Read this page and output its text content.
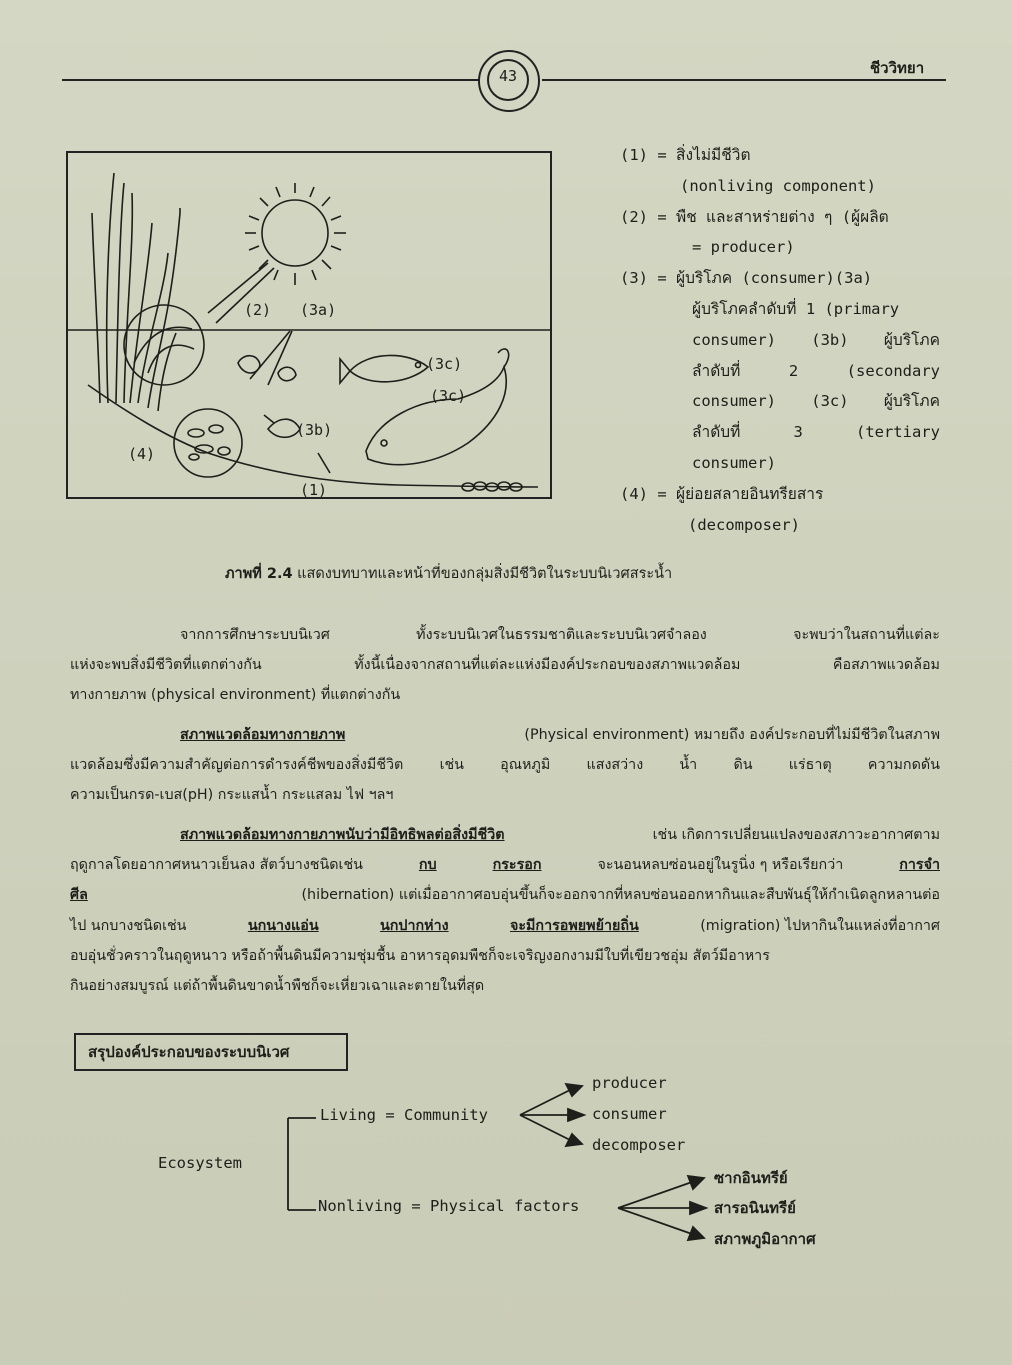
43	ชีววิทยา
(2) (3a)
(3c)
(3c)
(3b)
(4)
(1)
(1) = สิ่งไม่มีชีวิต
(nonliving component)
(2) = พืช และสาหร่ายต่าง ๆ (ผู้ผลิต
= producer)
(3) = ผู้บริโภค (consumer)(3a)
ผู้บริโภคลำดับที่ 1 (primary
consumer) (3b) ผู้บริโภค
ลำดับที่	2	(secondary
consumer) (3c) ผู้บริโภค
ลำดับที่	3	(tertiary
consumer)
(4) = ผู้ย่อยสลายอินทรียสาร
(decomposer)
ภาพที่ 2.4 แสดงบทบาทและหน้าที่ของกลุ่มสิ่งมีชีวิตในระบบนิเวศสระน้ำ
จากการศึกษาระบบนิเวศ	ทั้งระบบนิเวศในธรรมชาติและระบบนิเวศจำลอง	จะพบว่าในสถานที่แต่ละ
แห่งจะพบสิ่งมีชีวิตที่แตกต่างกัน	ทั้งนี้เนื่องจากสถานที่แต่ละแห่งมีองค์ประกอบของสภาพแวดล้อม	คือสภาพแวดล้อม
ทางกายภาพ (physical environment) ที่แตกต่างกัน
สภาพแวดล้อมทางกายภาพ	(Physical environment) หมายถึง องค์ประกอบที่ไม่มีชีวิตในสภาพ
แวดล้อมซึ่งมีความสำคัญต่อการดำรงค์ชีพของสิ่งมีชีวิต	เช่น	อุณหภูมิ	แสงสว่าง	น้ำ	ดิน	แร่ธาตุ	ความกดดัน
ความเป็นกรด-เบส(pH) กระแสน้ำ กระแสลม ไฟ ฯลฯ
สภาพแวดล้อมทางกายภาพนับว่ามีอิทธิพลต่อสิ่งมีชีวิต	เช่น เกิดการเปลี่ยนแปลงของสภาวะอากาศตาม
ฤดูกาลโดยอากาศหนาวเย็นลง สัตว์บางชนิดเช่น	กบ	กระรอก	จะนอนหลบซ่อนอยู่ในรูนิ่ง ๆ หรือเรียกว่า	การจำ
ศีล	(hibernation) แต่เมื่ออากาศอบอุ่นขึ้นก็จะออกจากที่หลบซ่อนออกหากินและสืบพันธุ์ให้กำเนิดลูกหลานต่อ
ไป นกบางชนิดเช่น	นกนางแอ่น	นกปากห่าง	จะมีการอพยพย้ายถิ่น	(migration) ไปหากินในแหล่งที่อากาศ
อบอุ่นชั่วคราวในฤดูหนาว หรือถ้าพื้นดินมีความชุ่มชื้น อาหารอุดมพืชก็จะเจริญงอกงามมีใบที่เขียวชอุ่ม สัตว์มีอาหาร
กินอย่างสมบูรณ์ แต่ถ้าพื้นดินขาดน้ำพืชก็จะเหี่ยวเฉาและตายในที่สุด
สรุปองค์ประกอบของระบบนิเวศ
Ecosystem
Living = Community
Nonliving = Physical factors
producer
consumer
decomposer
ซากอินทรีย์
สารอนินทรีย์
สภาพภูมิอากาศ
